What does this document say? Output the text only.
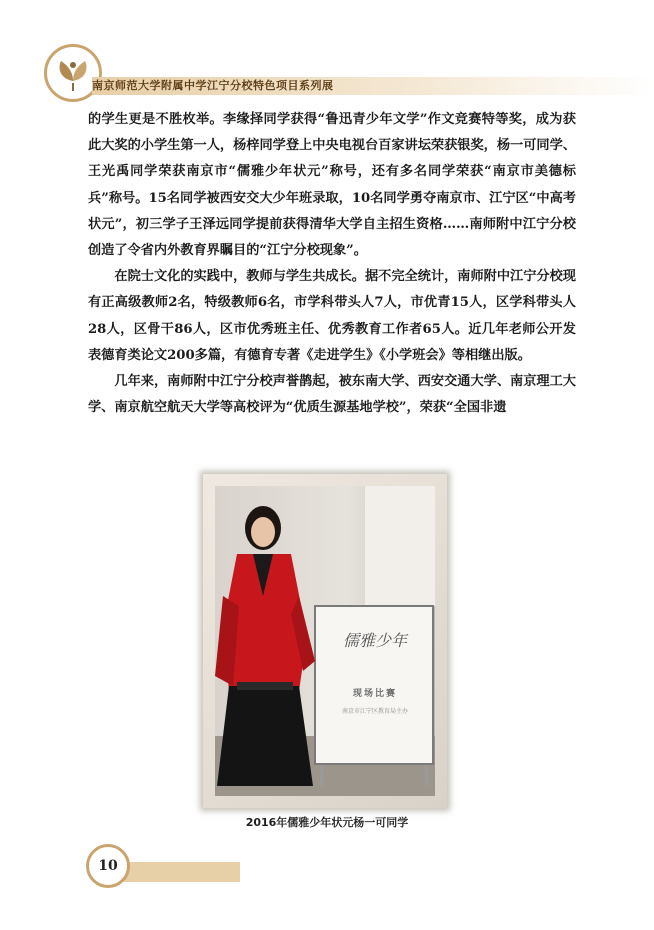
南京师范大学附属中学江宁分校特色项目系列展

的学生更是不胜枚举。李缘择同学获得“鲁迅青少年文学”作文竞赛特等奖，成为获此大奖的小学生第一人，杨梓同学登上中央电视台百家讲坛荣获银奖，杨一可同学、王光禹同学荣获南京市“儒雅少年状元”称号，还有多名同学荣获“南京市美德标兵”称号。15名同学被西安交大少年班录取，10名同学勇夺南京市、江宁区“中高考状元”，初三学子王泽远同学提前获得清华大学自主招生资格……南师附中江宁分校创造了令省内外教育界瞩目的“江宁分校现象”。

在院士文化的实践中，教师与学生共成长。据不完全统计，南师附中江宁分校现有正高级教师2名，特级教师6名，市学科带头人7人，市优青15人，区学科带头人28人，区骨干86人，区市优秀班主任、优秀教育工作者65人。近几年老师公开发表德育类论文200多篇，有德育专著《走进学生》《小学班会》等相继出版。

几年来，南师附中江宁分校声誉鹊起，被东南大学、西安交通大学、南京理工大学、南京航空航天大学等高校评为“优质生源基地学校”，荣获“全国非遗

儒雅少年
现场比赛
南京市江宁区教育局主办
2016年儒雅少年状元杨一可同学
10
